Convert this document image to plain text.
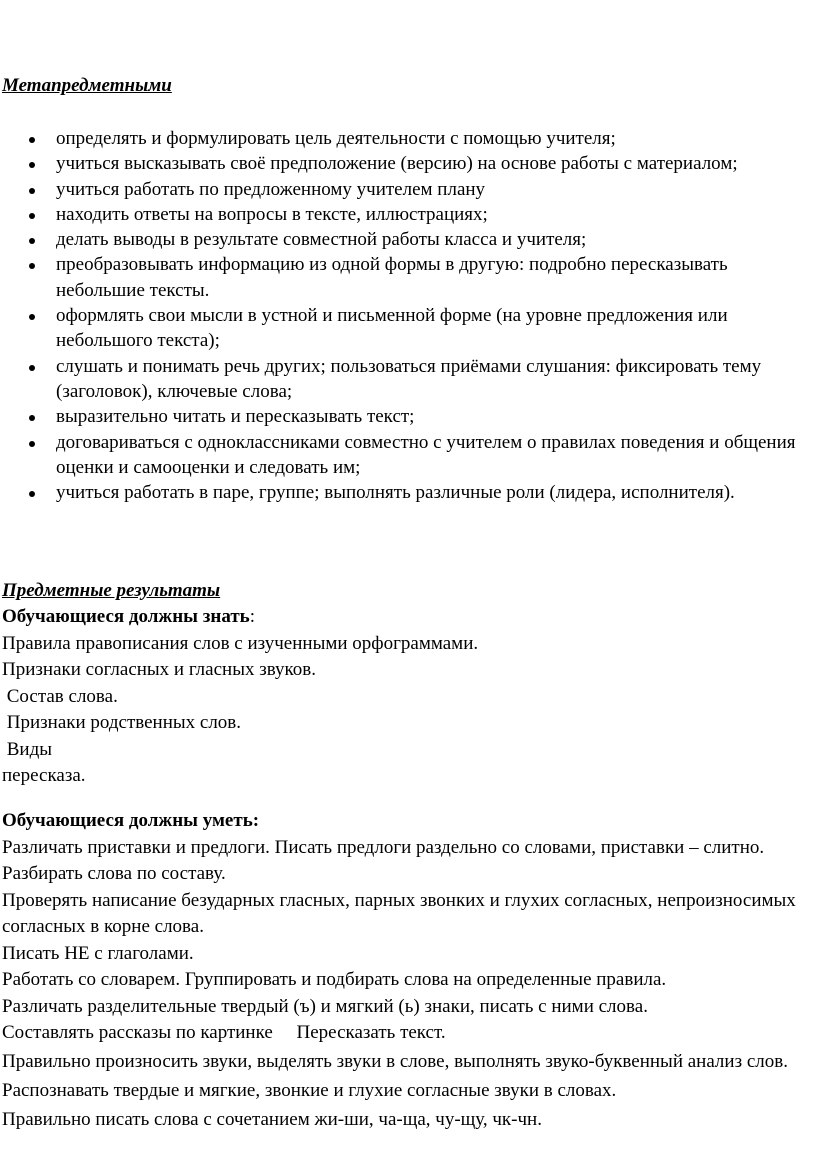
Метапредметными
определять и формулировать цель деятельности с помощью учителя;
учиться высказывать своё предположение (версию) на основе работы с материалом;
учиться работать по предложенному учителем плану
находить ответы на вопросы в тексте, иллюстрациях;
делать выводы в результате совместной работы класса и учителя;
преобразовывать информацию из одной формы в другую: подробно пересказывать небольшие тексты.
оформлять свои мысли в устной и письменной форме (на уровне предложения или небольшого текста);
слушать и понимать речь других; пользоваться приёмами слушания: фиксировать тему (заголовок), ключевые слова;
выразительно читать и пересказывать текст;
договариваться с одноклассниками совместно с учителем о правилах поведения и общения оценки и самооценки и следовать им;
учиться работать в паре, группе; выполнять различные роли (лидера, исполнителя).
Предметные результаты
Обучающиеся должны знать:
Правила правописания слов с изученными орфограммами.
Признаки согласных и гласных звуков.
Состав слова.
Признаки родственных слов.
Виды
пересказа.
Обучающиеся должны уметь:
Различать приставки и предлоги. Писать предлоги раздельно со словами, приставки – слитно.
Разбирать слова по составу.
Проверять написание безударных гласных, парных звонких и глухих согласных, непроизносимых согласных в корне слова.
Писать НЕ с глаголами.
Работать со словарем. Группировать и подбирать слова на определенные правила.
Различать разделительные твердый (ъ) и мягкий (ь) знаки, писать с ними слова.
Составлять рассказы по картинке     Пересказать текст.
Правильно произносить звуки, выделять звуки в слове, выполнять звуко-буквенный анализ слов.
Распознавать твердые и мягкие, звонкие и глухие согласные звуки в словах.
Правильно писать слова с сочетанием жи-ши, ча-ща, чу-щу, чк-чн.
